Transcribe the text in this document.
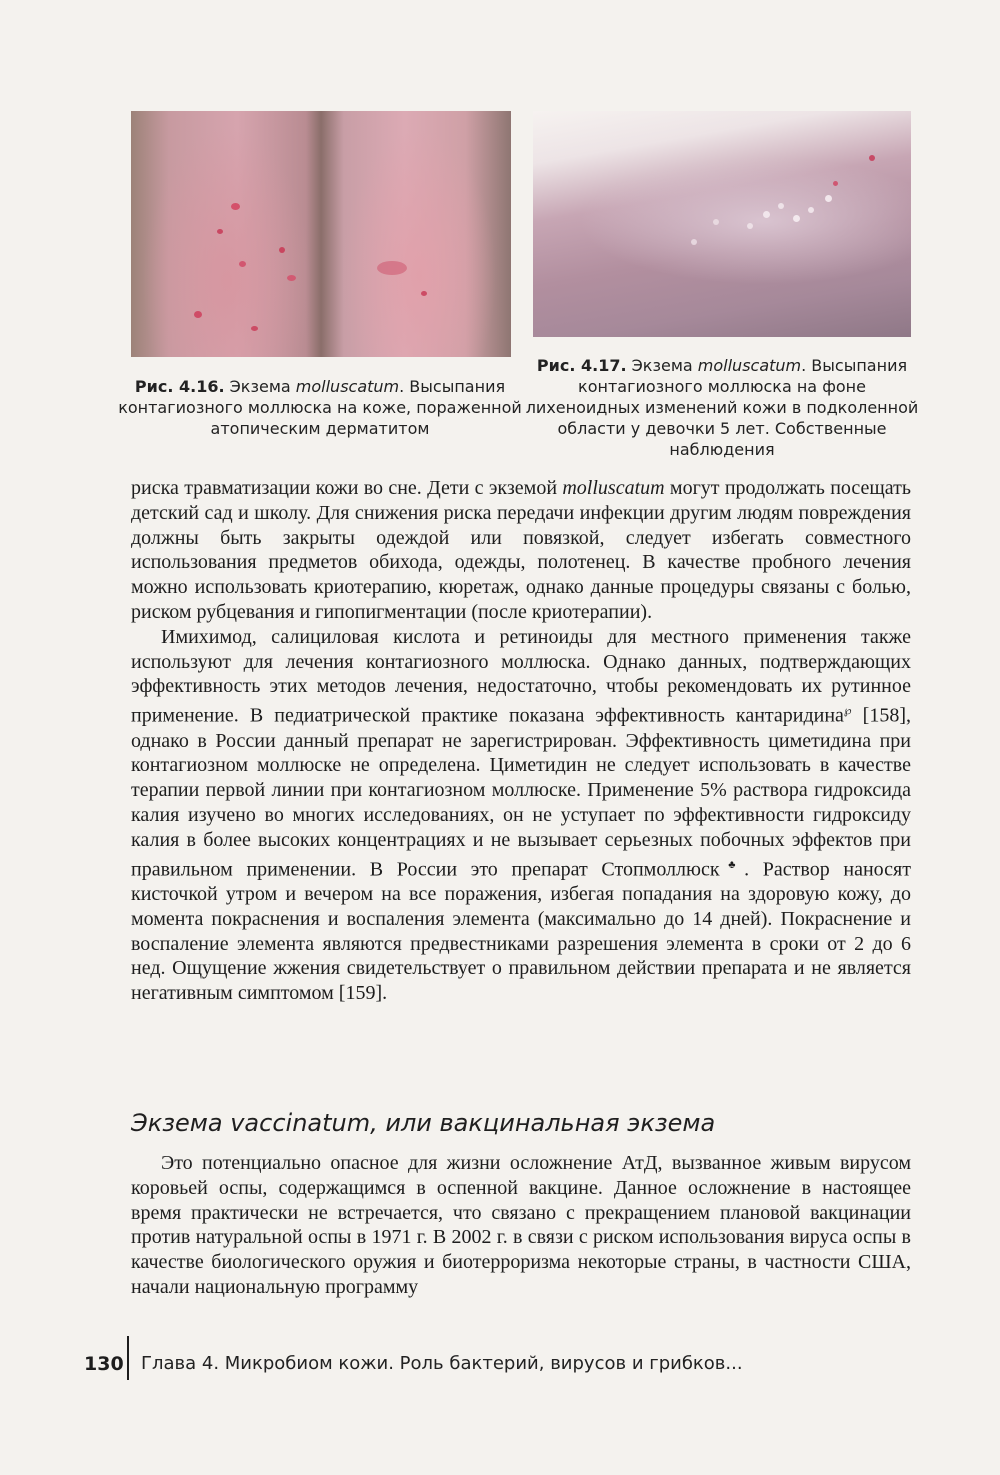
Рис. 4.16. Экзема molluscatum. Высыпания контагиозного моллюска на коже, пораженной атопическим дерматитом
Рис. 4.17. Экзема molluscatum. Высыпания контагиозного моллюска на фоне лихеноидных изменений кожи в подколенной области у девочки 5 лет. Собственные наблюдения

риска травматизации кожи во сне. Дети с экземой molluscatum могут продолжать посещать детский сад и школу. Для снижения риска передачи инфекции другим людям повреждения должны быть закрыты одеждой или повязкой, следует избегать совместного использования предметов обихода, одежды, полотенец. В качестве пробного лечения можно использовать криотерапию, кюретаж, однако данные процедуры связаны с болью, риском рубцевания и гипопигментации (после криотерапии).

Имихимод, салициловая кислота и ретиноиды для местного применения также используют для лечения контагиозного моллюска. Однако данных, подтверждающих эффективность этих методов лечения, недостаточно, чтобы рекомендовать их рутинное применение. В педиатрической практике показана эффективность кантаридина℘ [158], однако в России данный препарат не зарегистрирован. Эффективность циметидина при контагиозном моллюске не определена. Циметидин не следует использовать в качестве терапии первой линии при контагиозном моллюске. Применение 5% раствора гидроксида калия изучено во многих исследованиях, он не уступает по эффективности гидроксиду калия в более высоких концентрациях и не вызывает серьезных побочных эффектов при правильном применении. В России это препарат Стопмоллюск♣. Раствор наносят кисточкой утром и вечером на все поражения, избегая попадания на здоровую кожу, до момента покраснения и воспаления элемента (максимально до 14 дней). Покраснение и воспаление элемента являются предвестниками разрешения элемента в сроки от 2 до 6 нед. Ощущение жжения свидетельствует о правильном действии препарата и не является негативным симптомом [159].

Экзема vaccinatum, или вакцинальная экзема

Это потенциально опасное для жизни осложнение АтД, вызванное живым вирусом коровьей оспы, содержащимся в оспенной вакцине. Данное осложнение в настоящее время практически не встречается, что связано с прекращением плановой вакцинации против натуральной оспы в 1971 г. В 2002 г. в связи с риском использования вируса оспы в качестве биологического оружия и биотерроризма некоторые страны, в частности США, начали национальную программу

130 Глава 4. Микробиом кожи. Роль бактерий, вирусов и грибков...
